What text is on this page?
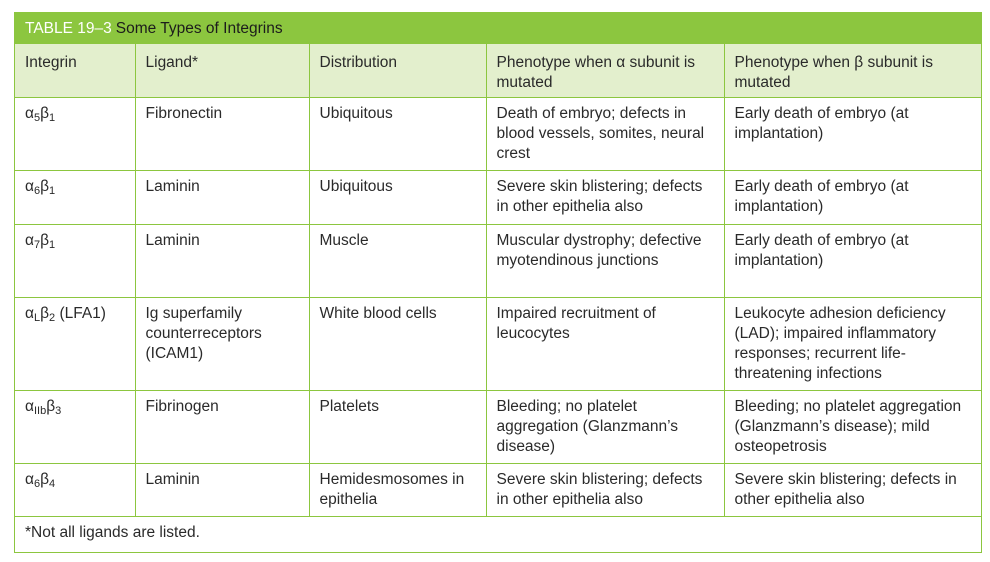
TABLE 19–3 Some Types of Integrins
Integrin	Ligand*	Distribution	Phenotype when α subunit is mutated	Phenotype when β subunit is mutated
$\alpha_5\beta_1$	Fibronectin	Ubiquitous	Death of embryo; defects in blood vessels, somites, neural crest	Early death of embryo (at implantation)
$\alpha_6\beta_1$	Laminin	Ubiquitous	Severe skin blistering; defects in other epithelia also	Early death of embryo (at implantation)
$\alpha_7\beta_1$	Laminin	Muscle	Muscular dystrophy; defective myotendinous junctions	Early death of embryo (at implantation)
$\alpha_L\beta_2$ (LFA1)	Ig superfamily counterreceptors (ICAM1)	White blood cells	Impaired recruitment of leucocytes	Leukocyte adhesion deficiency (LAD); impaired inflammatory responses; recurrent life-threatening infections
$\alpha_{IIb}\beta_3$	Fibrinogen	Platelets	Bleeding; no platelet aggregation (Glanzmann’s disease)	Bleeding; no platelet aggregation (Glanzmann’s disease); mild osteopetrosis
$\alpha_6\beta_4$	Laminin	Hemidesmosomes in epithelia	Severe skin blistering; defects in other epithelia also	Severe skin blistering; defects in other epithelia also
*Not all ligands are listed.
